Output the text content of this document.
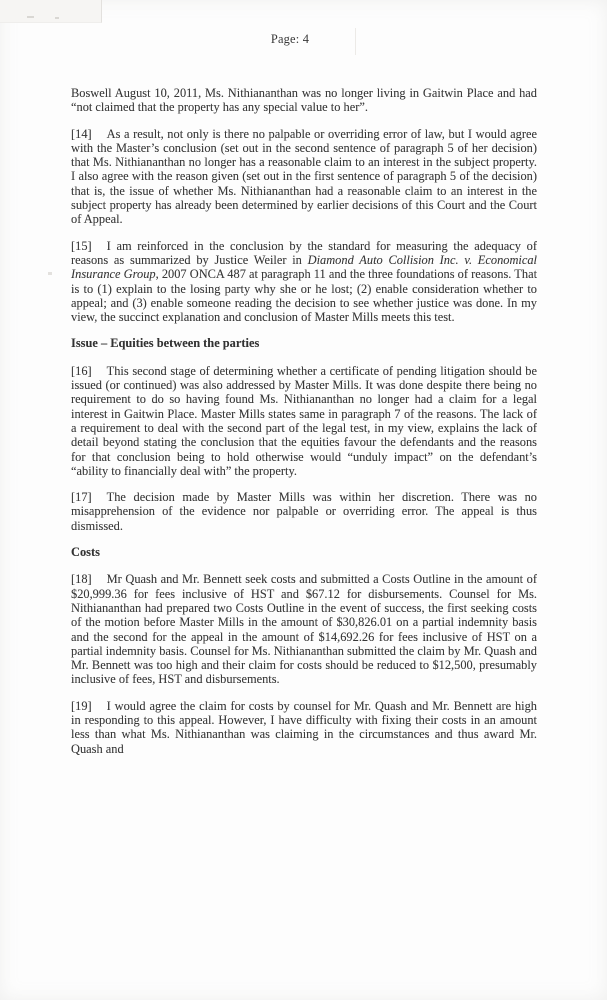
Page: 4

Boswell August 10, 2011, Ms. Nithiananthan was no longer living in Gaitwin Place and had “not claimed that the property has any special value to her”.

[14] As a result, not only is there no palpable or overriding error of law, but I would agree with the Master’s conclusion (set out in the second sentence of paragraph 5 of her decision) that Ms. Nithiananthan no longer has a reasonable claim to an interest in the subject property. I also agree with the reason given (set out in the first sentence of paragraph 5 of the decision) that is, the issue of whether Ms. Nithiananthan had a reasonable claim to an interest in the subject property has already been determined by earlier decisions of this Court and the Court of Appeal.

[15] I am reinforced in the conclusion by the standard for measuring the adequacy of reasons as summarized by Justice Weiler in Diamond Auto Collision Inc. v. Economical Insurance Group, 2007 ONCA 487 at paragraph 11 and the three foundations of reasons. That is to (1) explain to the losing party why she or he lost; (2) enable consideration whether to appeal; and (3) enable someone reading the decision to see whether justice was done. In my view, the succinct explanation and conclusion of Master Mills meets this test.

Issue – Equities between the parties

[16] This second stage of determining whether a certificate of pending litigation should be issued (or continued) was also addressed by Master Mills. It was done despite there being no requirement to do so having found Ms. Nithiananthan no longer had a claim for a legal interest in Gaitwin Place. Master Mills states same in paragraph 7 of the reasons. The lack of a requirement to deal with the second part of the legal test, in my view, explains the lack of detail beyond stating the conclusion that the equities favour the defendants and the reasons for that conclusion being to hold otherwise would “unduly impact” on the defendant’s “ability to financially deal with” the property.

[17] The decision made by Master Mills was within her discretion. There was no misapprehension of the evidence nor palpable or overriding error. The appeal is thus dismissed.

Costs

[18] Mr Quash and Mr. Bennett seek costs and submitted a Costs Outline in the amount of $20,999.36 for fees inclusive of HST and $67.12 for disbursements. Counsel for Ms. Nithiananthan had prepared two Costs Outline in the event of success, the first seeking costs of the motion before Master Mills in the amount of $30,826.01 on a partial indemnity basis and the second for the appeal in the amount of $14,692.26 for fees inclusive of HST on a partial indemnity basis. Counsel for Ms. Nithiananthan submitted the claim by Mr. Quash and Mr. Bennett was too high and their claim for costs should be reduced to $12,500, presumably inclusive of fees, HST and disbursements.

[19] I would agree the claim for costs by counsel for Mr. Quash and Mr. Bennett are high in responding to this appeal. However, I have difficulty with fixing their costs in an amount less than what Ms. Nithiananthan was claiming in the circumstances and thus award Mr. Quash and
